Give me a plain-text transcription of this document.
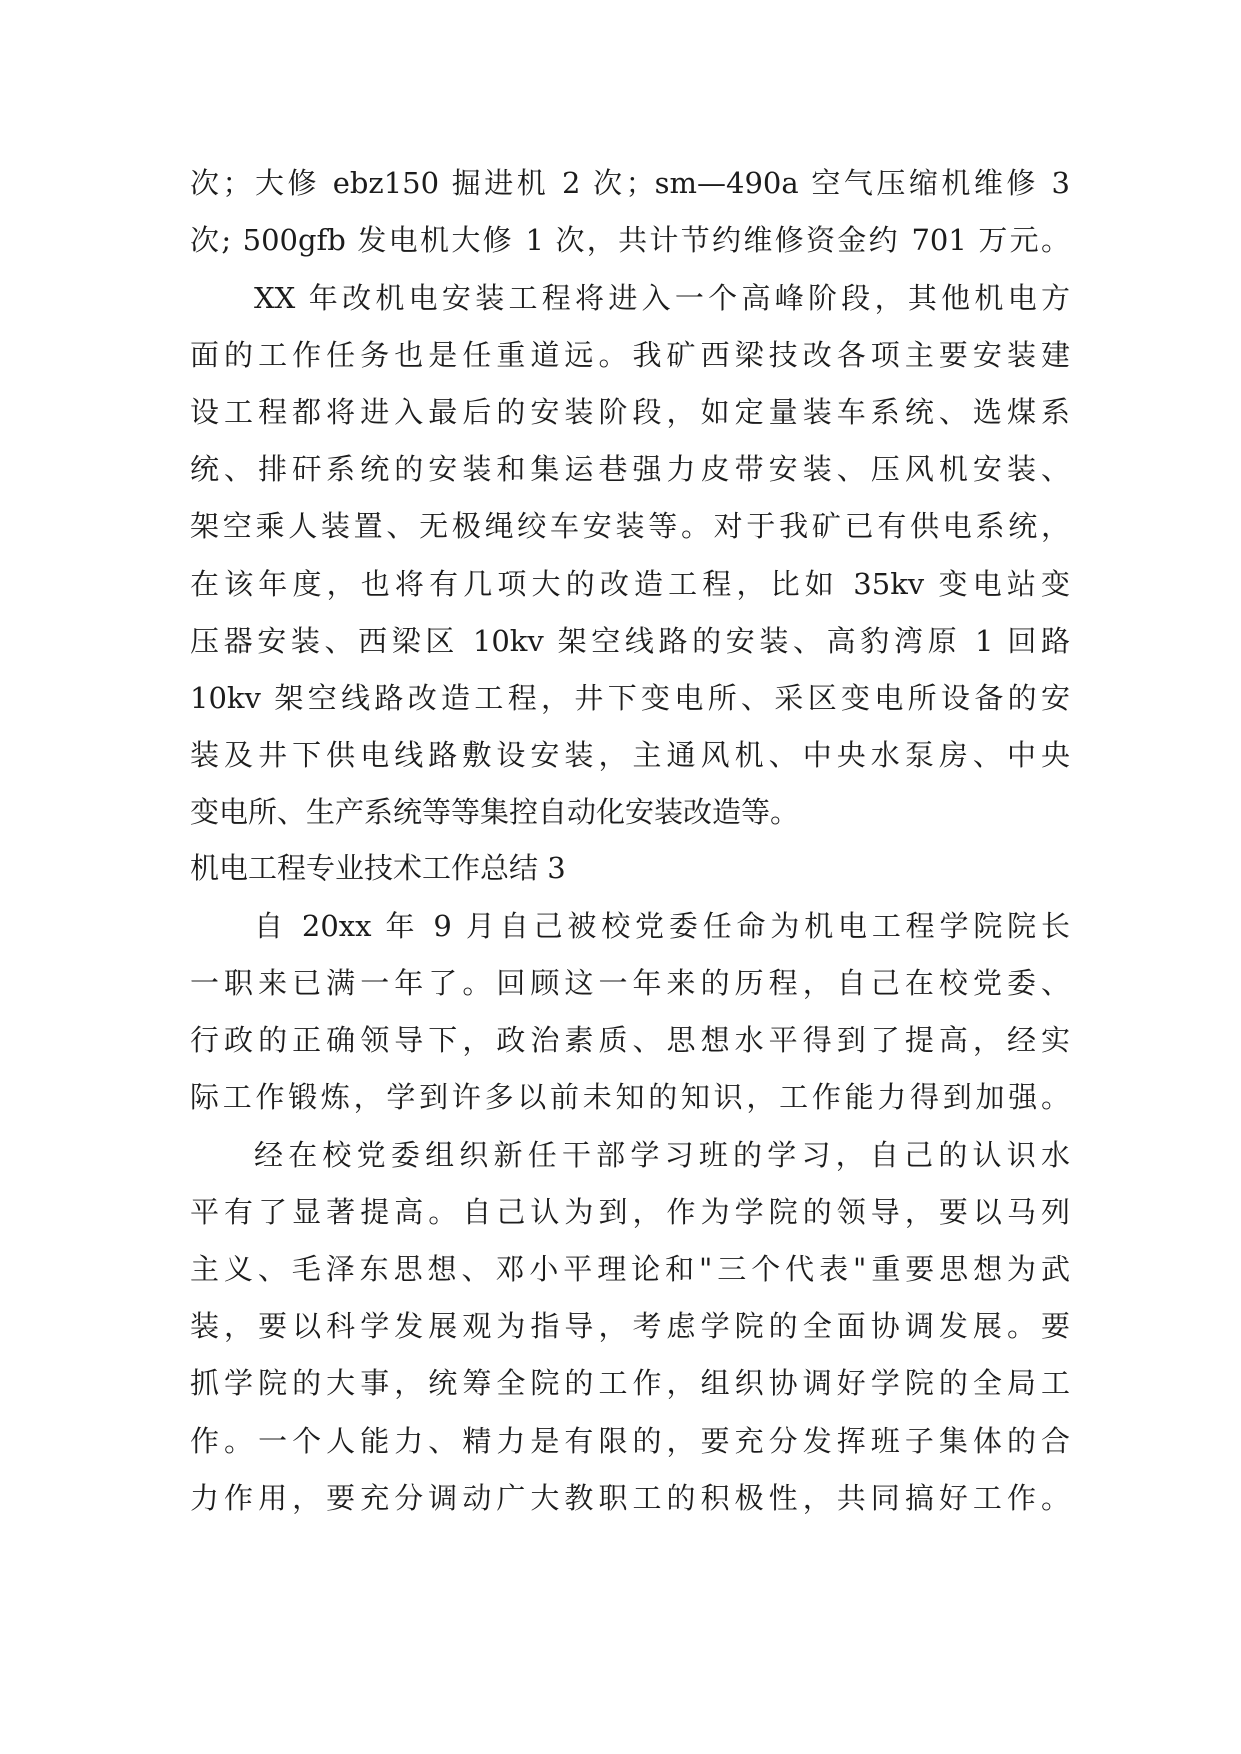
次；大修 ebz150 掘进机 2 次；sm—490a 空气压缩机维修 3
次; 500gfb 发电机大修 1 次，共计节约维修资金约 701 万元。
XX 年改机电安装工程将进入一个高峰阶段，其他机电方
面的工作任务也是任重道远。我矿西梁技改各项主要安装建
设工程都将进入最后的安装阶段，如定量装车系统、选煤系
统、排矸系统的安装和集运巷强力皮带安装、压风机安装、
架空乘人装置、无极绳绞车安装等。对于我矿已有供电系统，
在该年度，也将有几项大的改造工程，比如 35kv 变电站变
压器安装、西梁区 10kv 架空线路的安装、高豹湾原 1 回路
10kv 架空线路改造工程，井下变电所、采区变电所设备的安
装及井下供电线路敷设安装，主通风机、中央水泵房、中央
变电所、生产系统等等集控自动化安装改造等。
机电工程专业技术工作总结 3
自 20xx 年 9 月自己被校党委任命为机电工程学院院长
一职来已满一年了。回顾这一年来的历程，自己在校党委、
行政的正确领导下，政治素质、思想水平得到了提高，经实
际工作锻炼，学到许多以前未知的知识，工作能力得到加强。
经在校党委组织新任干部学习班的学习，自己的认识水
平有了显著提高。自己认为到，作为学院的领导，要以马列
主义、毛泽东思想、邓小平理论和"三个代表"重要思想为武
装，要以科学发展观为指导，考虑学院的全面协调发展。要
抓学院的大事，统筹全院的工作，组织协调好学院的全局工
作。一个人能力、精力是有限的，要充分发挥班子集体的合
力作用，要充分调动广大教职工的积极性，共同搞好工作。
